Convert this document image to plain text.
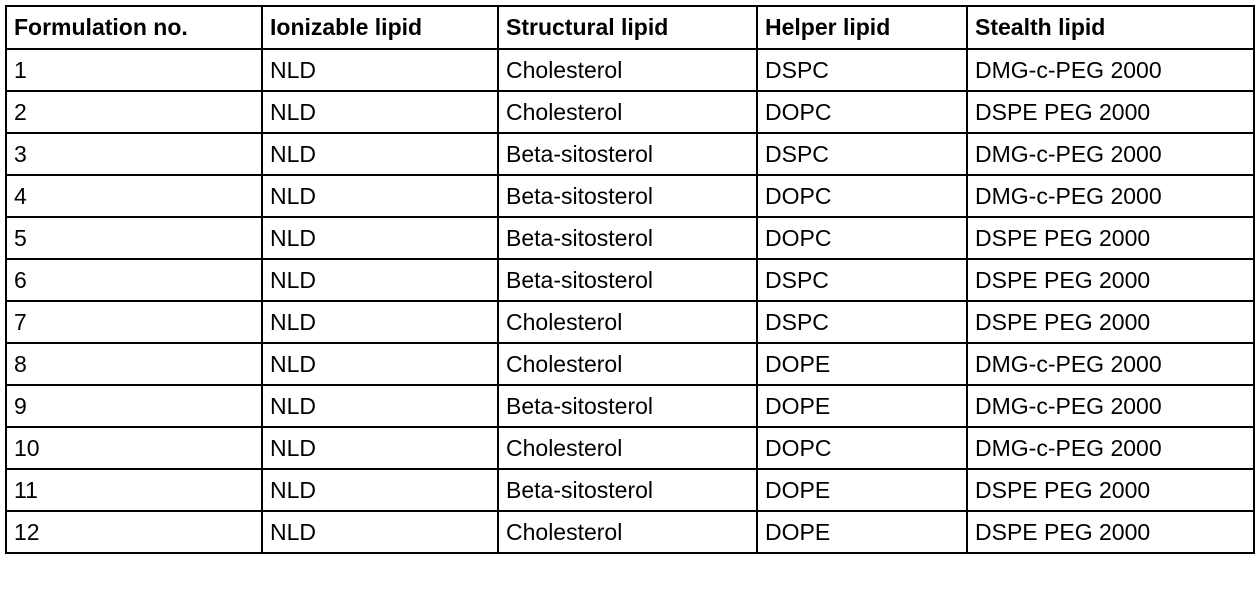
Formulation no.	Ionizable lipid	Structural lipid	Helper lipid	Stealth lipid
1	NLD	Cholesterol	DSPC	DMG-c-PEG 2000
2	NLD	Cholesterol	DOPC	DSPE PEG 2000
3	NLD	Beta-sitosterol	DSPC	DMG-c-PEG 2000
4	NLD	Beta-sitosterol	DOPC	DMG-c-PEG 2000
5	NLD	Beta-sitosterol	DOPC	DSPE PEG 2000
6	NLD	Beta-sitosterol	DSPC	DSPE PEG 2000
7	NLD	Cholesterol	DSPC	DSPE PEG 2000
8	NLD	Cholesterol	DOPE	DMG-c-PEG 2000
9	NLD	Beta-sitosterol	DOPE	DMG-c-PEG 2000
10	NLD	Cholesterol	DOPC	DMG-c-PEG 2000
11	NLD	Beta-sitosterol	DOPE	DSPE PEG 2000
12	NLD	Cholesterol	DOPE	DSPE PEG 2000
